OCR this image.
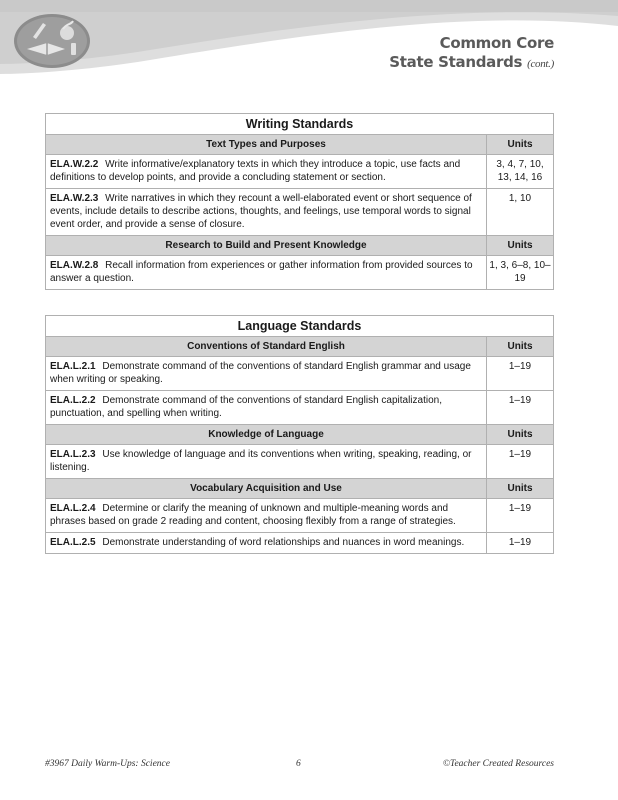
Common Core
State Standards (cont.)
Writing Standards	
Text Types and Purposes	Units
ELA.W.2.2 Write informative/explanatory texts in which they introduce a topic, use facts and definitions to develop points, and provide a concluding statement or section.	3, 4, 7, 10, 13, 14, 16
ELA.W.2.3 Write narratives in which they recount a well-elaborated event or short sequence of events, include details to describe actions, thoughts, and feelings, use temporal words to signal event order, and provide a sense of closure.	1, 10
Research to Build and Present Knowledge	Units
ELA.W.2.8 Recall information from experiences or gather information from provided sources to answer a question.	1, 3, 6–8, 10–19
Language Standards	
Conventions of Standard English	Units
ELA.L.2.1 Demonstrate command of the conventions of standard English grammar and usage when writing or speaking.	1–19
ELA.L.2.2 Demonstrate command of the conventions of standard English capitalization, punctuation, and spelling when writing.	1–19
Knowledge of Language	Units
ELA.L.2.3 Use knowledge of language and its conventions when writing, speaking, reading, or listening.	1–19
Vocabulary Acquisition and Use	Units
ELA.L.2.4 Determine or clarify the meaning of unknown and multiple-meaning words and phrases based on grade 2 reading and content, choosing flexibly from a range of strategies.	1–19
ELA.L.2.5 Demonstrate understanding of word relationships and nuances in word meanings.	1–19
#3967 Daily Warm-Ups: Science	6	©Teacher Created Resources
